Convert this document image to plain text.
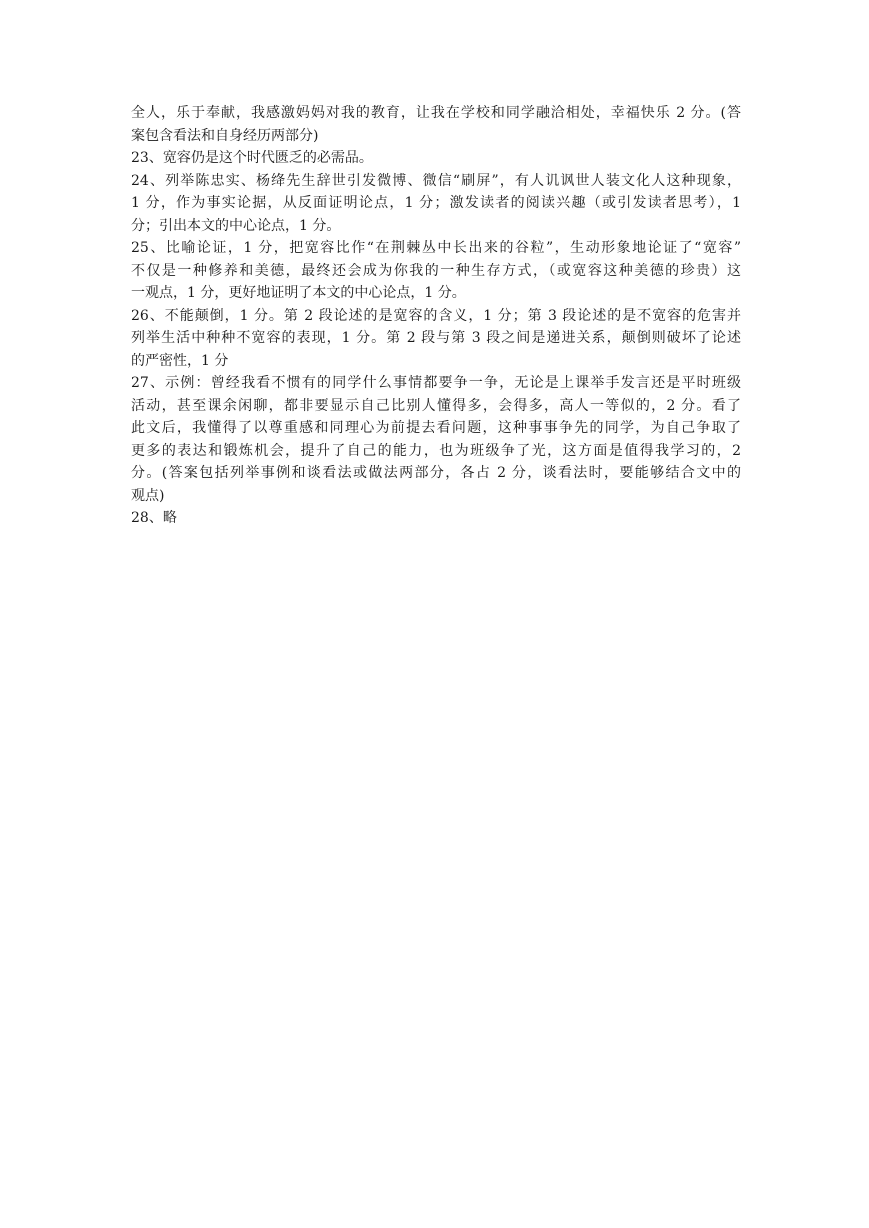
全人，乐于奉献，我感激妈妈对我的教育，让我在学校和同学融洽相处，幸福快乐 2 分。(答
案包含看法和自身经历两部分)
23、宽容仍是这个时代匮乏的必需品。
24、列举陈忠实、杨绛先生辞世引发微博、微信“刷屏”，有人讥讽世人装文化人这种现象，
1 分，作为事实论据，从反面证明论点，1 分；激发读者的阅读兴趣（或引发读者思考），1
分；引出本文的中心论点，1 分。
25、比喻论证，1 分，把宽容比作“在荆棘丛中长出来的谷粒”，生动形象地论证了“宽容”
不仅是一种修养和美德，最终还会成为你我的一种生存方式，（或宽容这种美德的珍贵）这
一观点，1 分，更好地证明了本文的中心论点，1 分。
26、不能颠倒，1 分。第 2 段论述的是宽容的含义，1 分；第 3 段论述的是不宽容的危害并
列举生活中种种不宽容的表现，1 分。第 2 段与第 3 段之间是递进关系，颠倒则破坏了论述
的严密性，1 分
27、示例：曾经我看不惯有的同学什么事情都要争一争，无论是上课举手发言还是平时班级
活动，甚至课余闲聊，都非要显示自己比别人懂得多，会得多，高人一等似的，2 分。看了
此文后，我懂得了以尊重感和同理心为前提去看问题，这种事事争先的同学，为自己争取了
更多的表达和锻炼机会，提升了自己的能力，也为班级争了光，这方面是值得我学习的，2
分。(答案包括列举事例和谈看法或做法两部分，各占 2 分，谈看法时，要能够结合文中的
观点)
28、略
